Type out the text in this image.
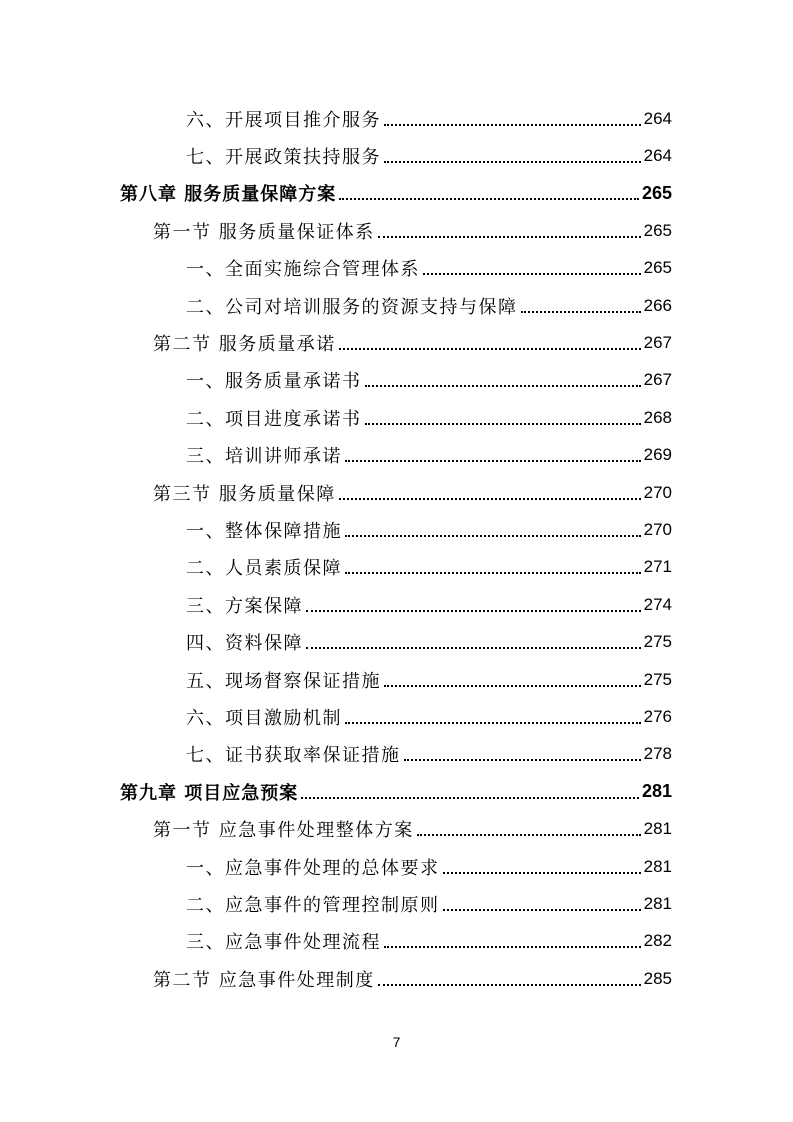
六、开展项目推介服务	264
七、开展政策扶持服务	264
第八章 服务质量保障方案	265
第一节 服务质量保证体系	265
一、全面实施综合管理体系	265
二、公司对培训服务的资源支持与保障	266
第二节 服务质量承诺	267
一、服务质量承诺书	267
二、项目进度承诺书	268
三、培训讲师承诺	269
第三节 服务质量保障	270
一、整体保障措施	270
二、人员素质保障	271
三、方案保障	274
四、资料保障	275
五、现场督察保证措施	275
六、项目激励机制	276
七、证书获取率保证措施	278
第九章 项目应急预案	281
第一节 应急事件处理整体方案	281
一、应急事件处理的总体要求	281
二、应急事件的管理控制原则	281
三、应急事件处理流程	282
第二节 应急事件处理制度	285
7
